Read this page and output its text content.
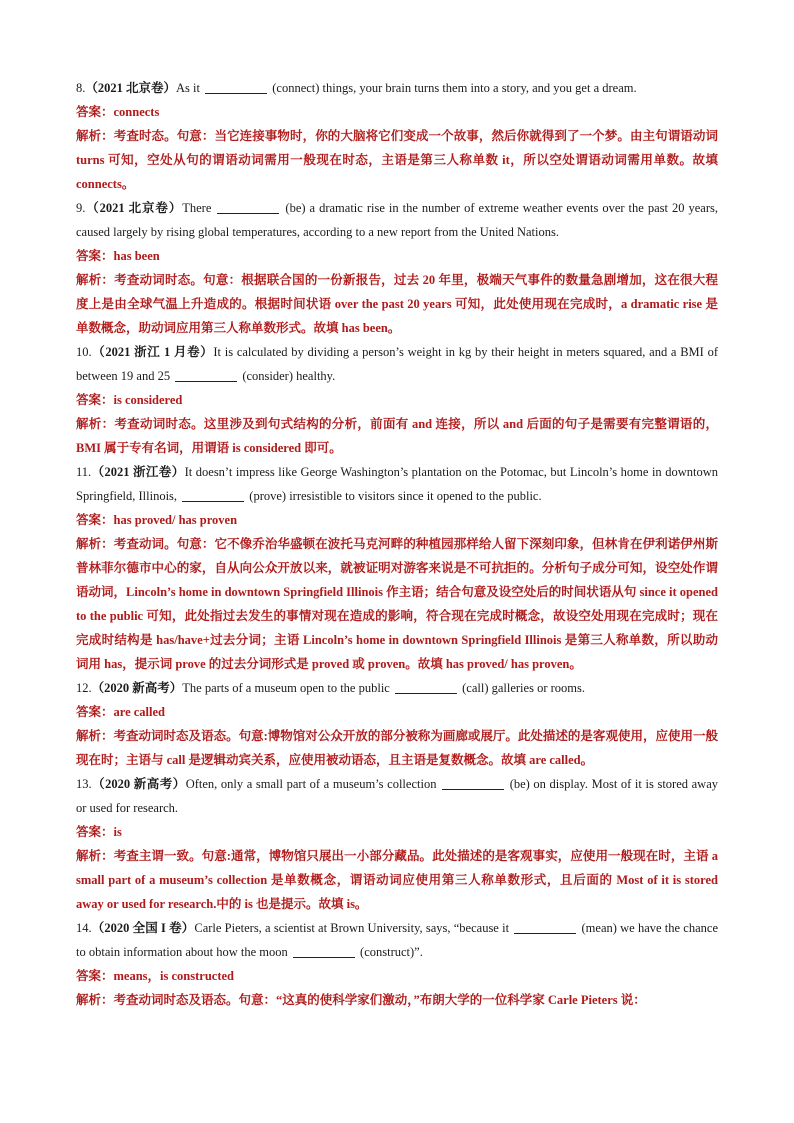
8.（2021 北京卷）As it	(connect) things, your brain turns them into a story, and you get a dream.
答案：connects
解析：考查时态。句意：当它连接事物时，你的大脑将它们变成一个故事，然后你就得到了一个梦。由主句谓语动词 turns 可知，空处从句的谓语动词需用一般现在时态，主语是第三人称单数 it，所以空处谓语动词需用单数。故填 connects。
9.（2021 北京卷）There	(be) a dramatic rise in the number of extreme weather events over the past 20 years, caused largely by rising global temperatures, according to a new report from the United Nations.
答案：has been
解析：考查动词时态。句意：根据联合国的一份新报告，过去 20 年里，极端天气事件的数量急剧增加，这在很大程度上是由全球气温上升造成的。根据时间状语 over the past 20 years 可知，此处使用现在完成时，a dramatic rise 是单数概念，助动词应用第三人称单数形式。故填 has been。
10.（2021 浙江 1 月卷）It is calculated by dividing a person’s weight in kg by their height in meters squared, and a BMI of between 19 and 25	(consider) healthy.
答案：is considered
解析：考查动词时态。这里涉及到句式结构的分析，前面有 and 连接，所以 and 后面的句子是需要有完整谓语的，BMI 属于专有名词，用谓语 is considered 即可。
11.（2021 浙江卷）It doesn’t impress like George Washington’s plantation on the Potomac, but Lincoln’s home in downtown Springfield, Illinois,	(prove) irresistible to visitors since it opened to the public.
答案：has proved/ has proven
解析：考查动词。句意：它不像乔治华盛顿在波托马克河畔的种植园那样给人留下深刻印象，但林肯在伊利诺伊州斯普林菲尔德市中心的家，自从向公众开放以来，就被证明对游客来说是不可抗拒的。分析句子成分可知，设空处作谓语动词，Lincoln’s home in downtown Springfield Illinois 作主语；结合句意及设空处后的时间状语从句 since it opened to the public 可知，此处指过去发生的事情对现在造成的影响，符合现在完成时概念，故设空处用现在完成时；现在完成时结构是 has/have+过去分词；主语 Lincoln’s home in downtown Springfield Illinois 是第三人称单数，所以助动词用 has，提示词 prove 的过去分词形式是 proved 或 proven。故填 has proved/ has proven。
12.（2020 新高考）The parts of a museum open to the public	(call) galleries or rooms.
答案：are called
解析：考查动词时态及语态。句意:博物馆对公众开放的部分被称为画廊或展厅。此处描述的是客观使用，应使用一般现在时；主语与 call 是逻辑动宾关系，应使用被动语态，且主语是复数概念。故填 are called。
13.（2020 新高考）Often, only a small part of a museum’s collection	(be) on display. Most of it is stored away or used for research.
答案：is
解析：考查主谓一致。句意:通常，博物馆只展出一小部分藏品。此处描述的是客观事实，应使用一般现在时，主语 a small part of a museum’s collection 是单数概念，谓语动词应使用第三人称单数形式，且后面的 Most of it is stored away or used for research.中的 is 也是提示。故填 is。
14.（2020 全国 I 卷）Carle Pieters, a scientist at Brown University, says, “because it	(mean) we have the chance to obtain information about how the moon	(construct)”.
答案：means，is constructed
解析：考查动词时态及语态。句意：“这真的使科学家们激动，”布朗大学的一位科学家 Carle Pieters 说：
